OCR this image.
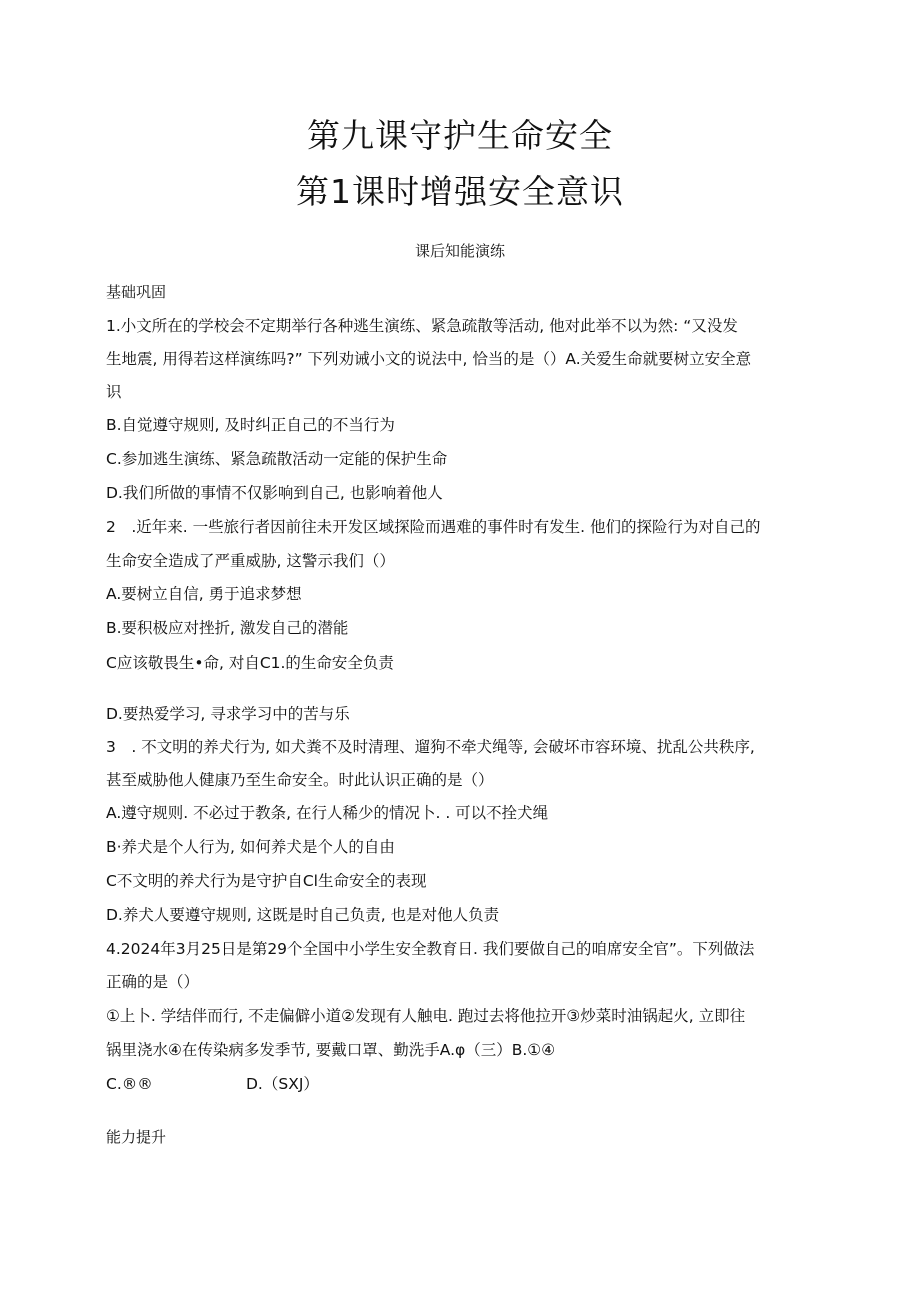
第九课守护生命安全
第1课时增强安全意识
课后知能演练
基础巩固
1.小文所在的学校会不定期举行各种逃生演练、紧急疏散等活动, 他对此举不以为然: “又没发
生地震, 用得若这样演练吗?” 下列劝诫小文的说法中, 恰当的是（）A.关爱生命就要树立安全意
识
B.自觉遵守规则, 及时纠正自己的不当行为
C.参加逃生演练、紧急疏散活动一定能的保护生命
D.我们所做的事情不仅影响到自己, 也影响着他人
2　.近年来. 一些旅行者因前往未开发区域探险而遇难的事件时有发生. 他们的探险行为对自己的
生命安全造成了严重威胁, 这警示我们（）
A.要树立自信, 勇于追求梦想
B.要积极应对挫折, 激发自己的潜能
C应该敬畏生•命, 对自C1.的生命安全负责
D.要热爱学习, 寻求学习中的苦与乐
3　. 不文明的养犬行为, 如犬粪不及时清理、遛狗不牵犬绳等, 会破坏市容环境、扰乱公共秩序,
甚至威胁他人健康乃至生命安全。时此认识正确的是（）
A.遵守规则. 不必过于教条, 在行人稀少的情况卜. . 可以不拴犬绳
B·养犬是个人行为, 如何养犬是个人的自由
C不文明的养犬行为是守护自Cl生命安全的表现
D.养犬人要遵守规则, 这既是时自己负责, 也是对他人负责
4.2024年3月25日是第29个全国中小学生安全教育日. 我们要做自己的咱席安全官”。下列做法
正确的是（）
①上卜. 学结伴而行, 不走偏僻小道②发现有人触电. 跑过去将他拉开③炒菜时油锅起火, 立即往
锅里浇水④在传染病多发季节, 要戴口罩、勤洗手A.φ（三）B.①④
C.®®	D.（SXJ）
能力提升
